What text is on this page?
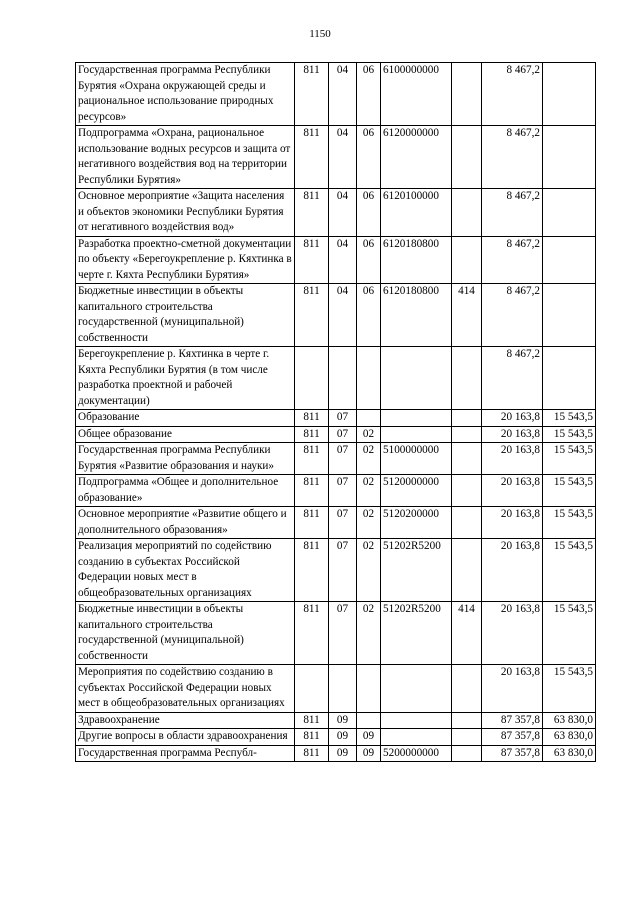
1150
Государственная программа Республики Бурятия «Охрана окружающей среды и рациональное использование природных ресурсов»	811	04	06	6100000000		8 467,2	
Подпрограмма «Охрана, рациональное использование водных ресурсов и защита от негативного воздействия вод на территории Республики Бурятия»	811	04	06	6120000000		8 467,2	
Основное мероприятие «Защита населения и объектов экономики Республики Бурятия от негативного воздействия вод»	811	04	06	6120100000		8 467,2	
Разработка проектно-сметной документации по объекту «Берегоукрепление р. Кяхтинка в черте г. Кяхта Республики Бурятия»	811	04	06	6120180800		8 467,2	
Бюджетные инвестиции в объекты капитального строительства государственной (муниципальной) собственности	811	04	06	6120180800	414	8 467,2	
Берегоукрепление р. Кяхтинка в черте г. Кяхта Республики Бурятия (в том числе разработка проектной и рабочей документации)						8 467,2	
Образование	811	07				20 163,8	15 543,5
Общее образование	811	07	02			20 163,8	15 543,5
Государственная программа Республики Бурятия «Развитие образования и науки»	811	07	02	5100000000		20 163,8	15 543,5
Подпрограмма «Общее и дополнительное образование»	811	07	02	5120000000		20 163,8	15 543,5
Основное мероприятие «Развитие общего и дополнительного образования»	811	07	02	5120200000		20 163,8	15 543,5
Реализация мероприятий по содействию созданию в субъектах Российской Федерации новых мест в общеобразовательных организациях	811	07	02	51202R5200		20 163,8	15 543,5
Бюджетные инвестиции в объекты капитального строительства государственной (муниципальной) собственности	811	07	02	51202R5200	414	20 163,8	15 543,5
Мероприятия по содействию созданию в субъектах Российской Федерации новых мест в общеобразовательных организациях						20 163,8	15 543,5
Здравоохранение	811	09				87 357,8	63 830,0
Другие вопросы в области здравоохранения	811	09	09			87 357,8	63 830,0
Государственная программа Республ-	811	09	09	5200000000		87 357,8	63 830,0
